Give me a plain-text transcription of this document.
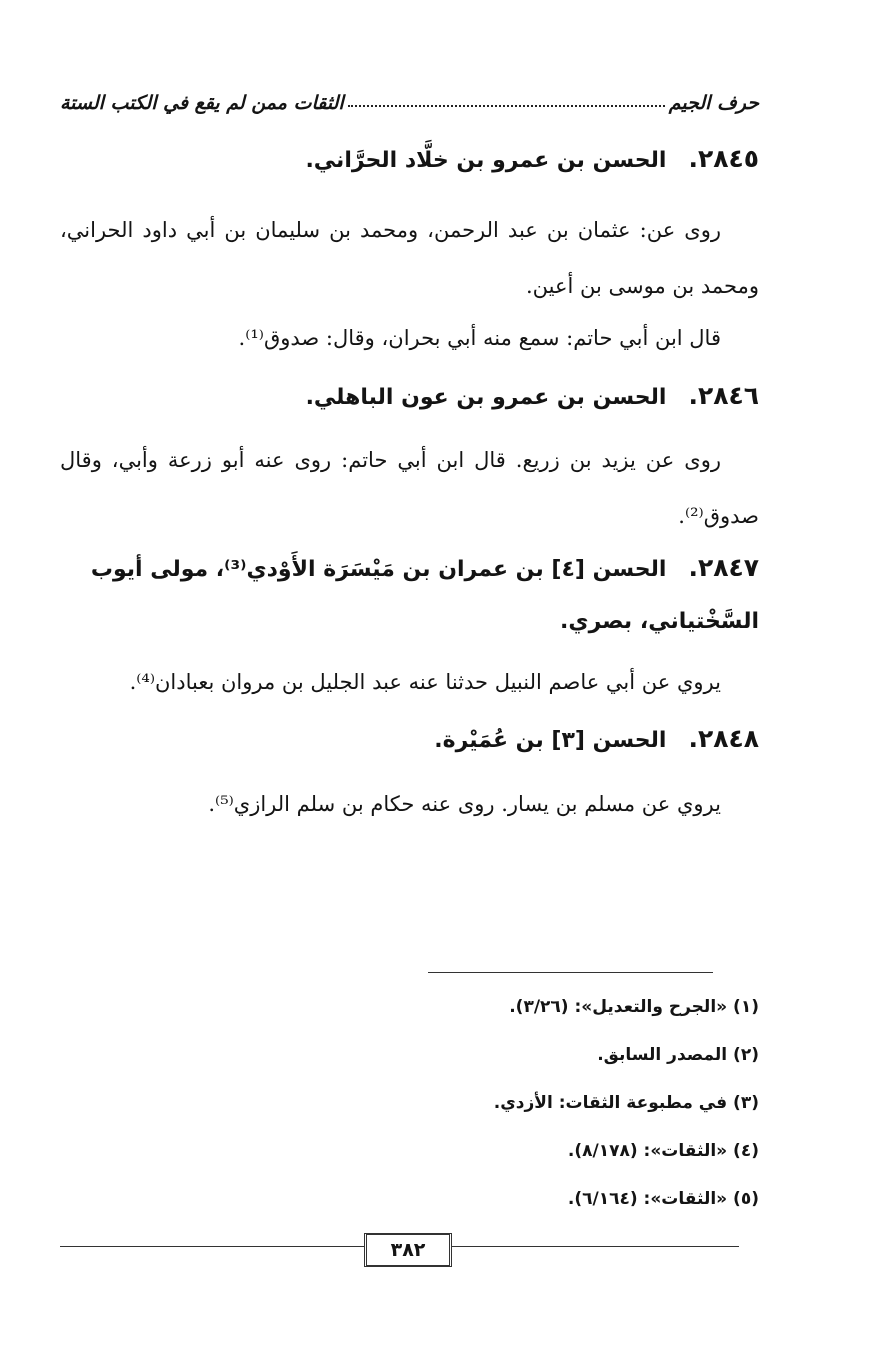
حرف الجيم
الثقات ممن لم يقع في الكتب الستة
٢٨٤٥.الحسن بن عمرو بن خلَّاد الحرَّاني.

روى عن: عثمان بن عبد الرحمن، ومحمد بن سليمان بن أبي داود الحراني، ومحمد بن موسى بن أعين.

قال ابن أبي حاتم: سمع منه أبي بحران، وقال: صدوق⁽¹⁾.

٢٨٤٦.الحسن بن عمرو بن عون الباهلي.

روى عن يزيد بن زريع. قال ابن أبي حاتم: روى عنه أبو زرعة وأبي، وقال صدوق⁽²⁾.

٢٨٤٧.الحسن [٤] بن عمران بن مَيْسَرَة الأَوْدي⁽³⁾، مولى أيوب السَّخْتياني، بصري.

يروي عن أبي عاصم النبيل حدثنا عنه عبد الجليل بن مروان بعبادان⁽⁴⁾.

٢٨٤٨.الحسن [٣] بن عُمَيْرة.

يروي عن مسلم بن يسار. روى عنه حكام بن سلم الرازي⁽⁵⁾.

(١) «الجرح والتعديل»: (٣/٢٦).
(٢) المصدر السابق.
(٣) في مطبوعة الثقات: الأزدي.
(٤) «الثقات»: (٨/١٧٨).
(٥) «الثقات»: (٦/١٦٤).
٣٨٢
